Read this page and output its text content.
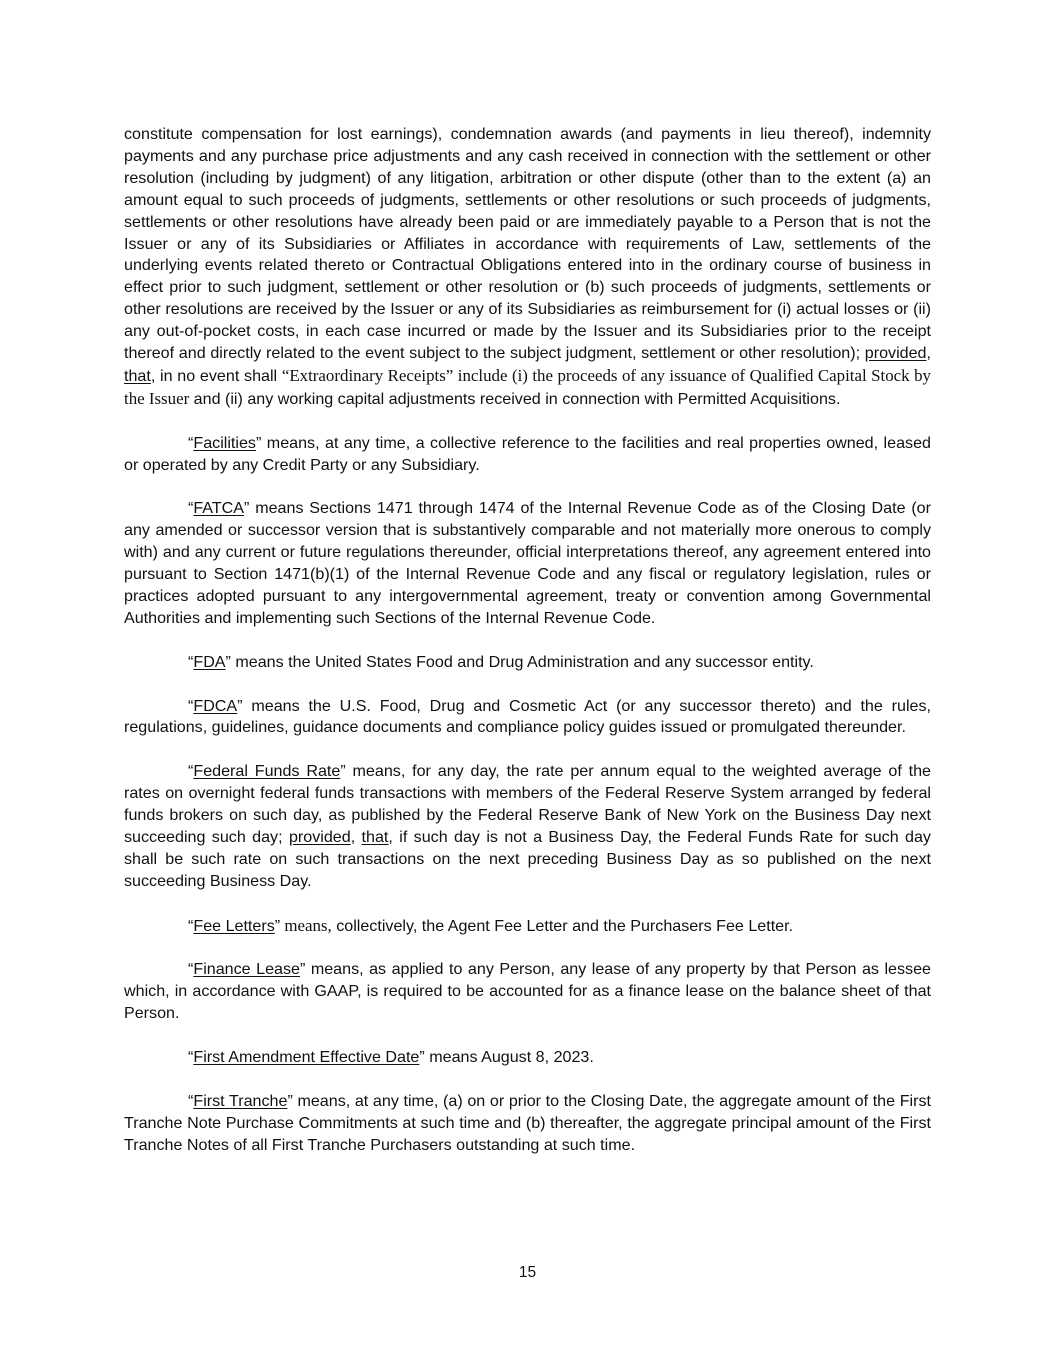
constitute compensation for lost earnings), condemnation awards (and payments in lieu thereof), indemnity payments and any purchase price adjustments and any cash received in connection with the settlement or other resolution (including by judgment) of any litigation, arbitration or other dispute (other than to the extent (a) an amount equal to such proceeds of judgments, settlements or other resolutions or such proceeds of judgments, settlements or other resolutions have already been paid or are immediately payable to a Person that is not the Issuer or any of its Subsidiaries or Affiliates in accordance with requirements of Law, settlements of the underlying events related thereto or Contractual Obligations entered into in the ordinary course of business in effect prior to such judgment, settlement or other resolution or (b) such proceeds of judgments, settlements or other resolutions are received by the Issuer or any of its Subsidiaries as reimbursement for (i) actual losses or (ii) any out-of-pocket costs, in each case incurred or made by the Issuer and its Subsidiaries prior to the receipt thereof and directly related to the event subject to the subject judgment, settlement or other resolution); provided, that, in no event shall “Extraordinary Receipts” include (i) the proceeds of any issuance of Qualified Capital Stock by the Issuer and (ii) any working capital adjustments received in connection with Permitted Acquisitions.

“Facilities” means, at any time, a collective reference to the facilities and real properties owned, leased or operated by any Credit Party or any Subsidiary.

“FATCA” means Sections 1471 through 1474 of the Internal Revenue Code as of the Closing Date (or any amended or successor version that is substantively comparable and not materially more onerous to comply with) and any current or future regulations thereunder, official interpretations thereof, any agreement entered into pursuant to Section 1471(b)(1) of the Internal Revenue Code and any fiscal or regulatory legislation, rules or practices adopted pursuant to any intergovernmental agreement, treaty or convention among Governmental Authorities and implementing such Sections of the Internal Revenue Code.

“FDA” means the United States Food and Drug Administration and any successor entity.

“FDCA” means the U.S. Food, Drug and Cosmetic Act (or any successor thereto) and the rules, regulations, guidelines, guidance documents and compliance policy guides issued or promulgated thereunder.

“Federal Funds Rate” means, for any day, the rate per annum equal to the weighted average of the rates on overnight federal funds transactions with members of the Federal Reserve System arranged by federal funds brokers on such day, as published by the Federal Reserve Bank of New York on the Business Day next succeeding such day; provided, that, if such day is not a Business Day, the Federal Funds Rate for such day shall be such rate on such transactions on the next preceding Business Day as so published on the next succeeding Business Day.

“Fee Letters” means, collectively, the Agent Fee Letter and the Purchasers Fee Letter.

“Finance Lease” means, as applied to any Person, any lease of any property by that Person as lessee which, in accordance with GAAP, is required to be accounted for as a finance lease on the balance sheet of that Person.

“First Amendment Effective Date” means August 8, 2023.

“First Tranche” means, at any time, (a) on or prior to the Closing Date, the aggregate amount of the First Tranche Note Purchase Commitments at such time and (b) thereafter, the aggregate principal amount of the First Tranche Notes of all First Tranche Purchasers outstanding at such time.

15
